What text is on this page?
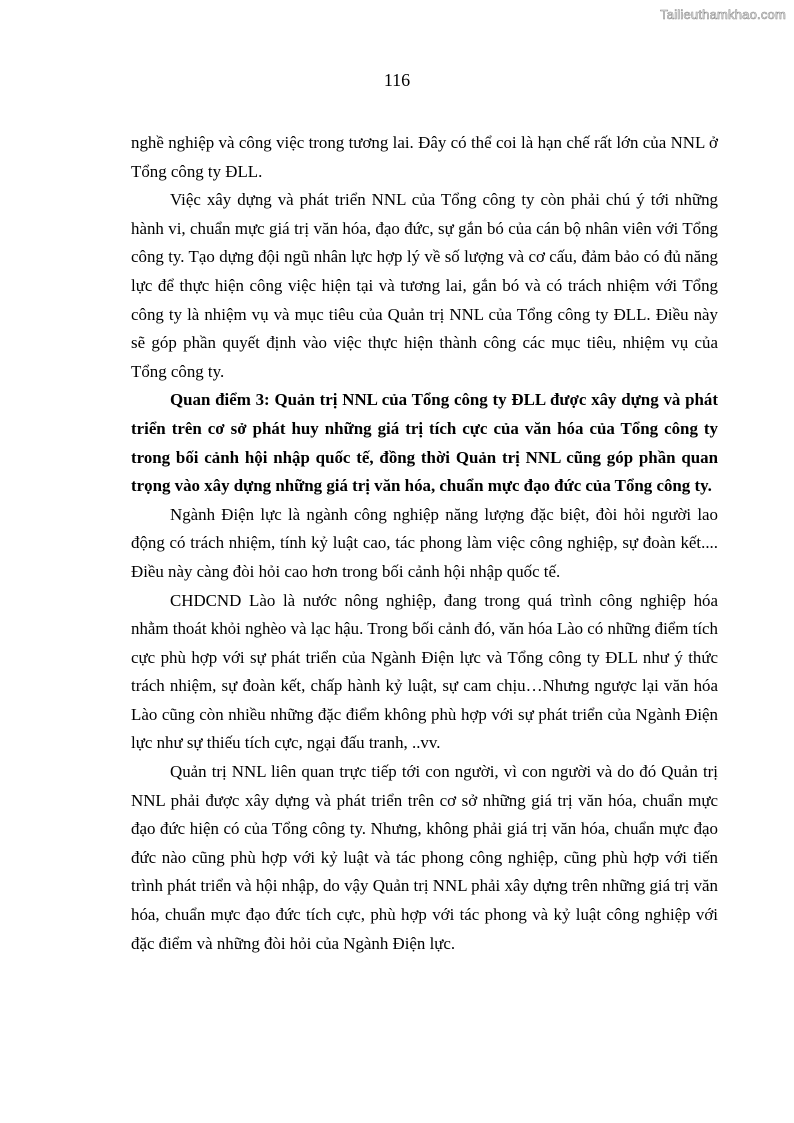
Tailieuthamkhao.com
116

nghề nghiệp và công việc trong tương lai. Đây có thể coi là hạn chế rất lớn của NNL ở Tổng công ty ĐLL.

Việc xây dựng và phát triển NNL của Tổng công ty còn phải chú ý tới những hành vi, chuẩn mực giá trị văn hóa, đạo đức, sự gắn bó của cán bộ nhân viên với Tổng công ty. Tạo dựng đội ngũ nhân lực hợp lý về số lượng và cơ cấu, đảm bảo có đủ năng lực để thực hiện công việc hiện tại và tương lai, gắn bó và có trách nhiệm với Tổng công ty là nhiệm vụ và mục tiêu của Quản trị NNL của Tổng công ty ĐLL. Điều này sẽ góp phần quyết định vào việc thực hiện thành công các mục tiêu, nhiệm vụ của Tổng công ty.

Quan điểm 3: Quản trị NNL của Tổng công ty ĐLL được xây dựng và phát triển trên cơ sở phát huy những giá trị tích cực của văn hóa của Tổng công ty trong bối cảnh hội nhập quốc tế, đồng thời Quản trị NNL cũng góp phần quan trọng vào xây dựng những giá trị văn hóa, chuẩn mực đạo đức của Tổng công ty.

Ngành Điện lực là ngành công nghiệp năng lượng đặc biệt, đòi hỏi người lao động có trách nhiệm, tính kỷ luật cao, tác phong làm việc công nghiệp, sự đoàn kết.... Điều này càng đòi hỏi cao hơn trong bối cảnh hội nhập quốc tế.

CHDCND Lào là nước nông nghiệp, đang trong quá trình công nghiệp hóa nhằm thoát khỏi nghèo và lạc hậu. Trong bối cảnh đó, văn hóa Lào có những điểm tích cực phù hợp với sự phát triển của Ngành Điện lực và Tổng công ty ĐLL như ý thức trách nhiệm, sự đoàn kết, chấp hành kỷ luật, sự cam chịu…Nhưng ngược lại văn hóa Lào cũng còn nhiều những đặc điểm không phù hợp với sự phát triển của Ngành Điện lực như sự thiếu tích cực, ngại đấu tranh, ..vv.

Quản trị NNL liên quan trực tiếp tới con người, vì con người và do đó Quản trị NNL phải được xây dựng và phát triển trên cơ sở những giá trị văn hóa, chuẩn mực đạo đức hiện có của Tổng công ty. Nhưng, không phải giá trị văn hóa, chuẩn mực đạo đức nào cũng phù hợp với kỷ luật và tác phong công nghiệp, cũng phù hợp với tiến trình phát triển và hội nhập, do vậy Quản trị NNL phải xây dựng trên những giá trị văn hóa, chuẩn mực đạo đức tích cực, phù hợp với tác phong và kỷ luật công nghiệp với đặc điểm và những đòi hỏi của Ngành Điện lực.
